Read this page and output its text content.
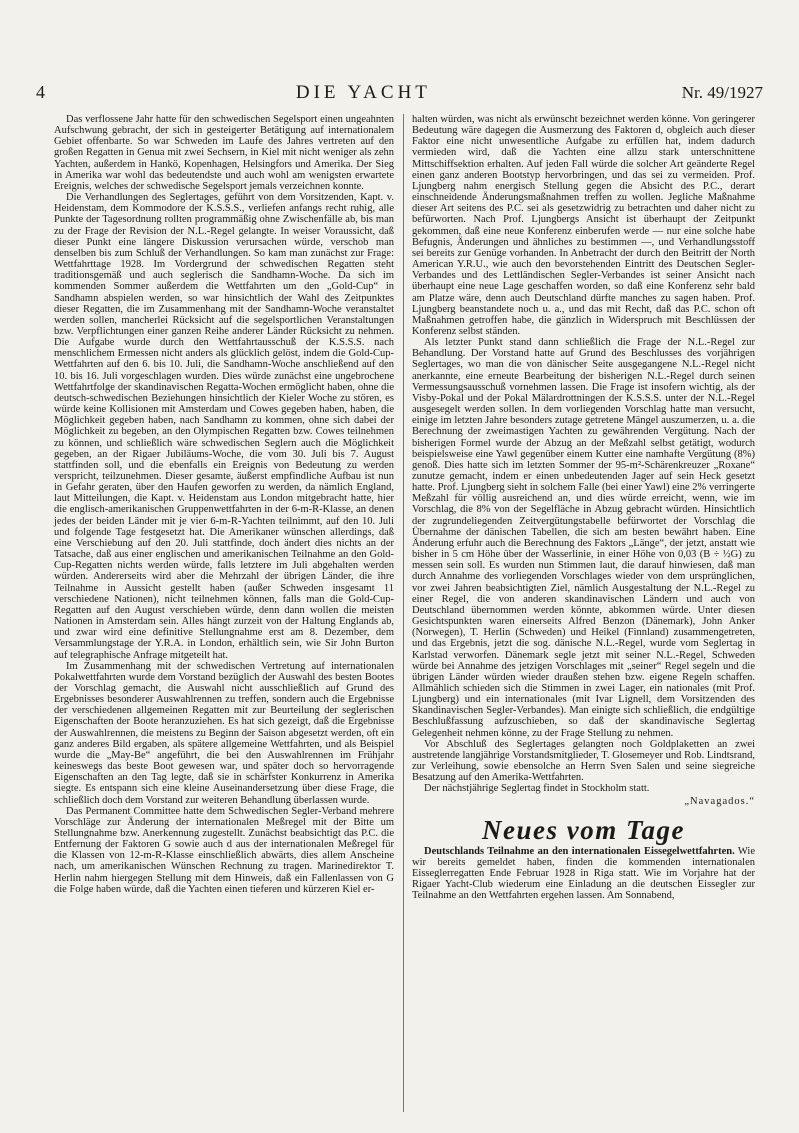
4	DIE YACHT	Nr. 49/1927

Das verflossene Jahr hatte für den schwedischen Segelsport einen ungeahnten Aufschwung gebracht, der sich in gesteigerter Betätigung auf internationalem Gebiet offenbarte. So war Schweden im Laufe des Jahres vertreten auf den großen Regatten in Genua mit zwei Sechsern, in Kiel mit nicht weniger als zehn Yachten, außerdem in Hankö, Kopenhagen, Helsingfors und Amerika. Der Sieg in Amerika war wohl das bedeutendste und auch wohl am wenigsten erwartete Ereignis, welches der schwedische Segelsport jemals verzeichnen konnte.

Die Verhandlungen des Seglertages, geführt von dem Vorsitzenden, Kapt. v. Heidenstam, dem Kommodore der K.S.S.S., verliefen anfangs recht ruhig, alle Punkte der Tagesordnung rollten programmäßig ohne Zwischenfälle ab, bis man zu der Frage der Revision der N.L.-Regel gelangte. In weiser Voraussicht, daß dieser Punkt eine längere Diskussion verursachen würde, verschob man denselben bis zum Schluß der Verhandlungen. So kam man zunächst zur Frage: Wettfahrttage 1928. Im Vordergrund der schwedischen Regatten steht traditionsgemäß und auch seglerisch die Sandhamn-Woche. Da sich im kommenden Sommer außerdem die Wettfahrten um den „Gold-Cup“ in Sandhamn abspielen werden, so war hinsichtlich der Wahl des Zeitpunktes dieser Regatten, die im Zusammenhang mit der Sandhamn-Woche veranstaltet werden sollen, mancherlei Rücksicht auf die segelsportlichen Veranstaltungen bzw. Verpflichtungen einer ganzen Reihe anderer Länder Rücksicht zu nehmen. Die Aufgabe wurde durch den Wettfahrtausschuß der K.S.S.S. nach menschlichem Ermessen nicht anders als glücklich gelöst, indem die Gold-Cup-Wettfahrten auf den 6. bis 10. Juli, die Sandhamn-Woche anschließend auf den 10. bis 16. Juli vorgeschlagen wurden. Dies würde zunächst eine ungebrochene Wettfahrtfolge der skandinavischen Regatta-Wochen ermöglicht haben, ohne die deutsch-schwedischen Beziehungen hinsichtlich der Kieler Woche zu stören, es würde keine Kollisionen mit Amsterdam und Cowes gegeben haben, haben, die Möglichkeit gegeben haben, nach Sandhamn zu kommen, ohne sich dabei der Möglichkeit zu begeben, an den Olympischen Regatten bzw. Cowes teilnehmen zu können, und schließlich wäre schwedischen Seglern auch die Möglichkeit gegeben, an der Rigaer Jubiläums-Woche, die vom 30. Juli bis 7. August stattfinden soll, und die ebenfalls ein Ereignis von Bedeutung zu werden verspricht, teilzunehmen. Dieser gesamte, äußerst empfindliche Aufbau ist nun in Gefahr geraten, über den Haufen geworfen zu werden, da nämlich England, laut Mitteilungen, die Kapt. v. Heidenstam aus London mitgebracht hatte, hier die englisch-amerikanischen Gruppenwettfahrten in der 6-m-R-Klasse, an denen jedes der beiden Länder mit je vier 6-m-R-Yachten teilnimmt, auf den 10. Juli und folgende Tage festgesetzt hat. Die Amerikaner wünschen allerdings, daß eine Verschiebung auf den 20. Juli stattfinde, doch ändert dies nichts an der Tatsache, daß aus einer englischen und amerikanischen Teilnahme an den Gold-Cup-Regatten nichts werden würde, falls letztere im Juli abgehalten werden würden. Andererseits wird aber die Mehrzahl der übrigen Länder, die ihre Teilnahme in Aussicht gestellt haben (außer Schweden insgesamt 11 verschiedene Nationen), nicht teilnehmen können, falls man die Gold-Cup-Regatten auf den August verschieben würde, denn dann wollen die meisten Nationen in Amsterdam sein. Alles hängt zurzeit von der Haltung Englands ab, und zwar wird eine definitive Stellungnahme erst am 8. Dezember, dem Versammlungstage der Y.R.A. in London, erhältlich sein, wie Sir John Burton auf telegraphische Anfrage mitgeteilt hat.

Im Zusammenhang mit der schwedischen Vertretung auf internationalen Pokalwettfahrten wurde dem Vorstand bezüglich der Auswahl des besten Bootes der Vorschlag gemacht, die Auswahl nicht ausschließlich auf Grund des Ergebnisses besonderer Auswahlrennen zu treffen, sondern auch die Ergebnisse der verschiedenen allgemeinen Regatten mit zur Beurteilung der seglerischen Eigenschaften der Boote heranzuziehen. Es hat sich gezeigt, daß die Ergebnisse der Auswahlrennen, die meistens zu Beginn der Saison abgesetzt werden, oft ein ganz anderes Bild ergaben, als spätere allgemeine Wettfahrten, und als Beispiel wurde die „May-Be“ angeführt, die bei den Auswahlrennen im Frühjahr keineswegs das beste Boot gewesen war, und später doch so hervorragende Eigenschaften an den Tag legte, daß sie in schärfster Konkurrenz in Amerika siegte. Es entspann sich eine kleine Auseinandersetzung über diese Frage, die schließlich doch dem Vorstand zur weiteren Behandlung überlassen wurde.

Das Permanent Committee hatte dem Schwedischen Segler-Verband mehrere Vorschläge zur Änderung der internationalen Meßregel mit der Bitte um Stellungnahme bzw. Anerkennung zugestellt. Zunächst beabsichtigt das P.C. die Entfernung der Faktoren G sowie auch d aus der internationalen Meßregel für die Klassen von 12-m-R-Klasse einschließlich abwärts, dies allem Anscheine nach, um amerikanischen Wünschen Rechnung zu tragen. Marinedirektor T. Herlin nahm hiergegen Stellung mit dem Hinweis, daß ein Fallenlassen von G die Folge haben würde, daß die Yachten einen tieferen und kürzeren Kiel er-

halten würden, was nicht als erwünscht bezeichnet werden könne. Von geringerer Bedeutung wäre dagegen die Ausmerzung des Faktoren d, obgleich auch dieser Faktor eine nicht unwesentliche Aufgabe zu erfüllen hat, indem dadurch vermieden wird, daß die Yachten eine allzu stark unterschnittene Mittschiffsektion erhalten. Auf jeden Fall würde die solcher Art geänderte Regel einen ganz anderen Bootstyp hervorbringen, und das sei zu vermeiden. Prof. Ljungberg nahm energisch Stellung gegen die Absicht des P.C., derart einschneidende Änderungsmaßnahmen treffen zu wollen. Jegliche Maßnahme dieser Art seitens des P.C. sei als gesetzwidrig zu betrachten und daher nicht zu befürworten. Nach Prof. Ljungbergs Ansicht ist überhaupt der Zeitpunkt gekommen, daß eine neue Konferenz einberufen werde — nur eine solche habe Befugnis, Änderungen und ähnliches zu bestimmen —, und Verhandlungsstoff sei bereits zur Genüge vorhanden. In Anbetracht der durch den Beitritt der North American Y.R.U., wie auch den bevorstehenden Eintritt des Deutschen Segler-Verbandes und des Lettländischen Segler-Verbandes ist seiner Ansicht nach überhaupt eine neue Lage geschaffen worden, so daß eine Konferenz sehr bald am Platze wäre, denn auch Deutschland dürfte manches zu sagen haben. Prof. Ljungberg beanstandete noch u. a., und das mit Recht, daß das P.C. schon oft Maßnahmen getroffen habe, die gänzlich in Widerspruch mit Beschlüssen der Konferenz selbst ständen.

Als letzter Punkt stand dann schließlich die Frage der N.L.-Regel zur Behandlung. Der Vorstand hatte auf Grund des Beschlusses des vorjährigen Seglertages, wo man die von dänischer Seite ausgegangene N.L.-Regel nicht anerkannte, eine erneute Bearbeitung der bisherigen N.L.-Regel durch seinen Vermessungsausschuß vornehmen lassen. Die Frage ist insofern wichtig, als der Visby-Pokal und der Pokal Mälardrottningen der K.S.S.S. unter der N.L.-Regel ausgesegelt werden sollen. In dem vorliegenden Vorschlag hatte man versucht, einige im letzten Jahre besonders zutage getretene Mängel auszumerzen, u. a. die Berechnung der zweimastigen Yachten zu gewährenden Vergütung. Nach der bisherigen Formel wurde der Abzug an der Meßzahl selbst getätigt, wodurch beispielsweise eine Yawl gegenüber einem Kutter eine namhafte Vergütung (8%) genoß. Dies hatte sich im letzten Sommer der 95-m²-Schärenkreuzer „Roxane“ zunutze gemacht, indem er einen unbedeutenden Jager auf sein Heck gesetzt hatte. Prof. Ljungberg sieht in solchem Falle (bei einer Yawl) eine 2% verringerte Meßzahl für völlig ausreichend an, und dies würde erreicht, wenn, wie im Vorschlag, die 8% von der Segelfläche in Abzug gebracht würden. Hinsichtlich der zugrundeliegenden Zeitvergütungstabelle befürwortet der Vorschlag die Übernahme der dänischen Tabellen, die sich am besten bewährt haben. Eine Änderung erfuhr auch die Berechnung des Faktors „Länge“, der jetzt, anstatt wie bisher in 5 cm Höhe über der Wasserlinie, in einer Höhe von 0,03 (B ÷ ½G) zu messen sein soll. Es wurden nun Stimmen laut, die darauf hinwiesen, daß man durch Annahme des vorliegenden Vorschlages wieder von dem ursprünglichen, vor zwei Jahren beabsichtigten Ziel, nämlich Ausgestaltung der N.L.-Regel zu einer Regel, die von anderen skandinavischen Ländern und auch von Deutschland übernommen werden könnte, abkommen würde. Unter diesen Gesichtspunkten waren einerseits Alfred Benzon (Dänemark), John Anker (Norwegen), T. Herlin (Schweden) und Heikel (Finnland) zusammengetreten, und das Ergebnis, jetzt die sog. dänische N.L.-Regel, wurde vom Seglertag in Karlstad verworfen. Dänemark segle jetzt mit seiner N.L.-Regel, Schweden würde bei Annahme des jetzigen Vorschlages mit „seiner“ Regel segeln und die übrigen Länder würden wieder draußen stehen bzw. eigene Regeln schaffen. Allmählich schieden sich die Stimmen in zwei Lager, ein nationales (mit Prof. Ljungberg) und ein internationales (mit Ivar Lignell, dem Vorsitzenden des Skandinavischen Segler-Verbandes). Man einigte sich schließlich, die endgültige Beschlußfassung aufzuschieben, so daß der skandinavische Seglertag Gelegenheit nehmen könne, zu der Frage Stellung zu nehmen.

Vor Abschluß des Seglertages gelangten noch Goldplaketten an zwei austretende langjährige Vorstandsmitglieder, T. Glosemeyer und Rob. Lindtsrand, zur Verleihung, sowie ebensolche an Herrn Sven Salen und seine siegreiche Besatzung auf den Amerika-Wettfahrten.

Der nächstjährige Seglertag findet in Stockholm statt.

„Navagados.“
Neues vom Tage

Deutschlands Teilnahme an den internationalen Eissegelwettfahrten. Wie wir bereits gemeldet haben, finden die kommenden internationalen Eisseglerregatten Ende Februar 1928 in Riga statt. Wie im Vorjahre hat der Rigaer Yacht-Club wiederum eine Einladung an die deutschen Eissegler zur Teilnahme an den Wettfahrten ergehen lassen. Am Sonnabend,
